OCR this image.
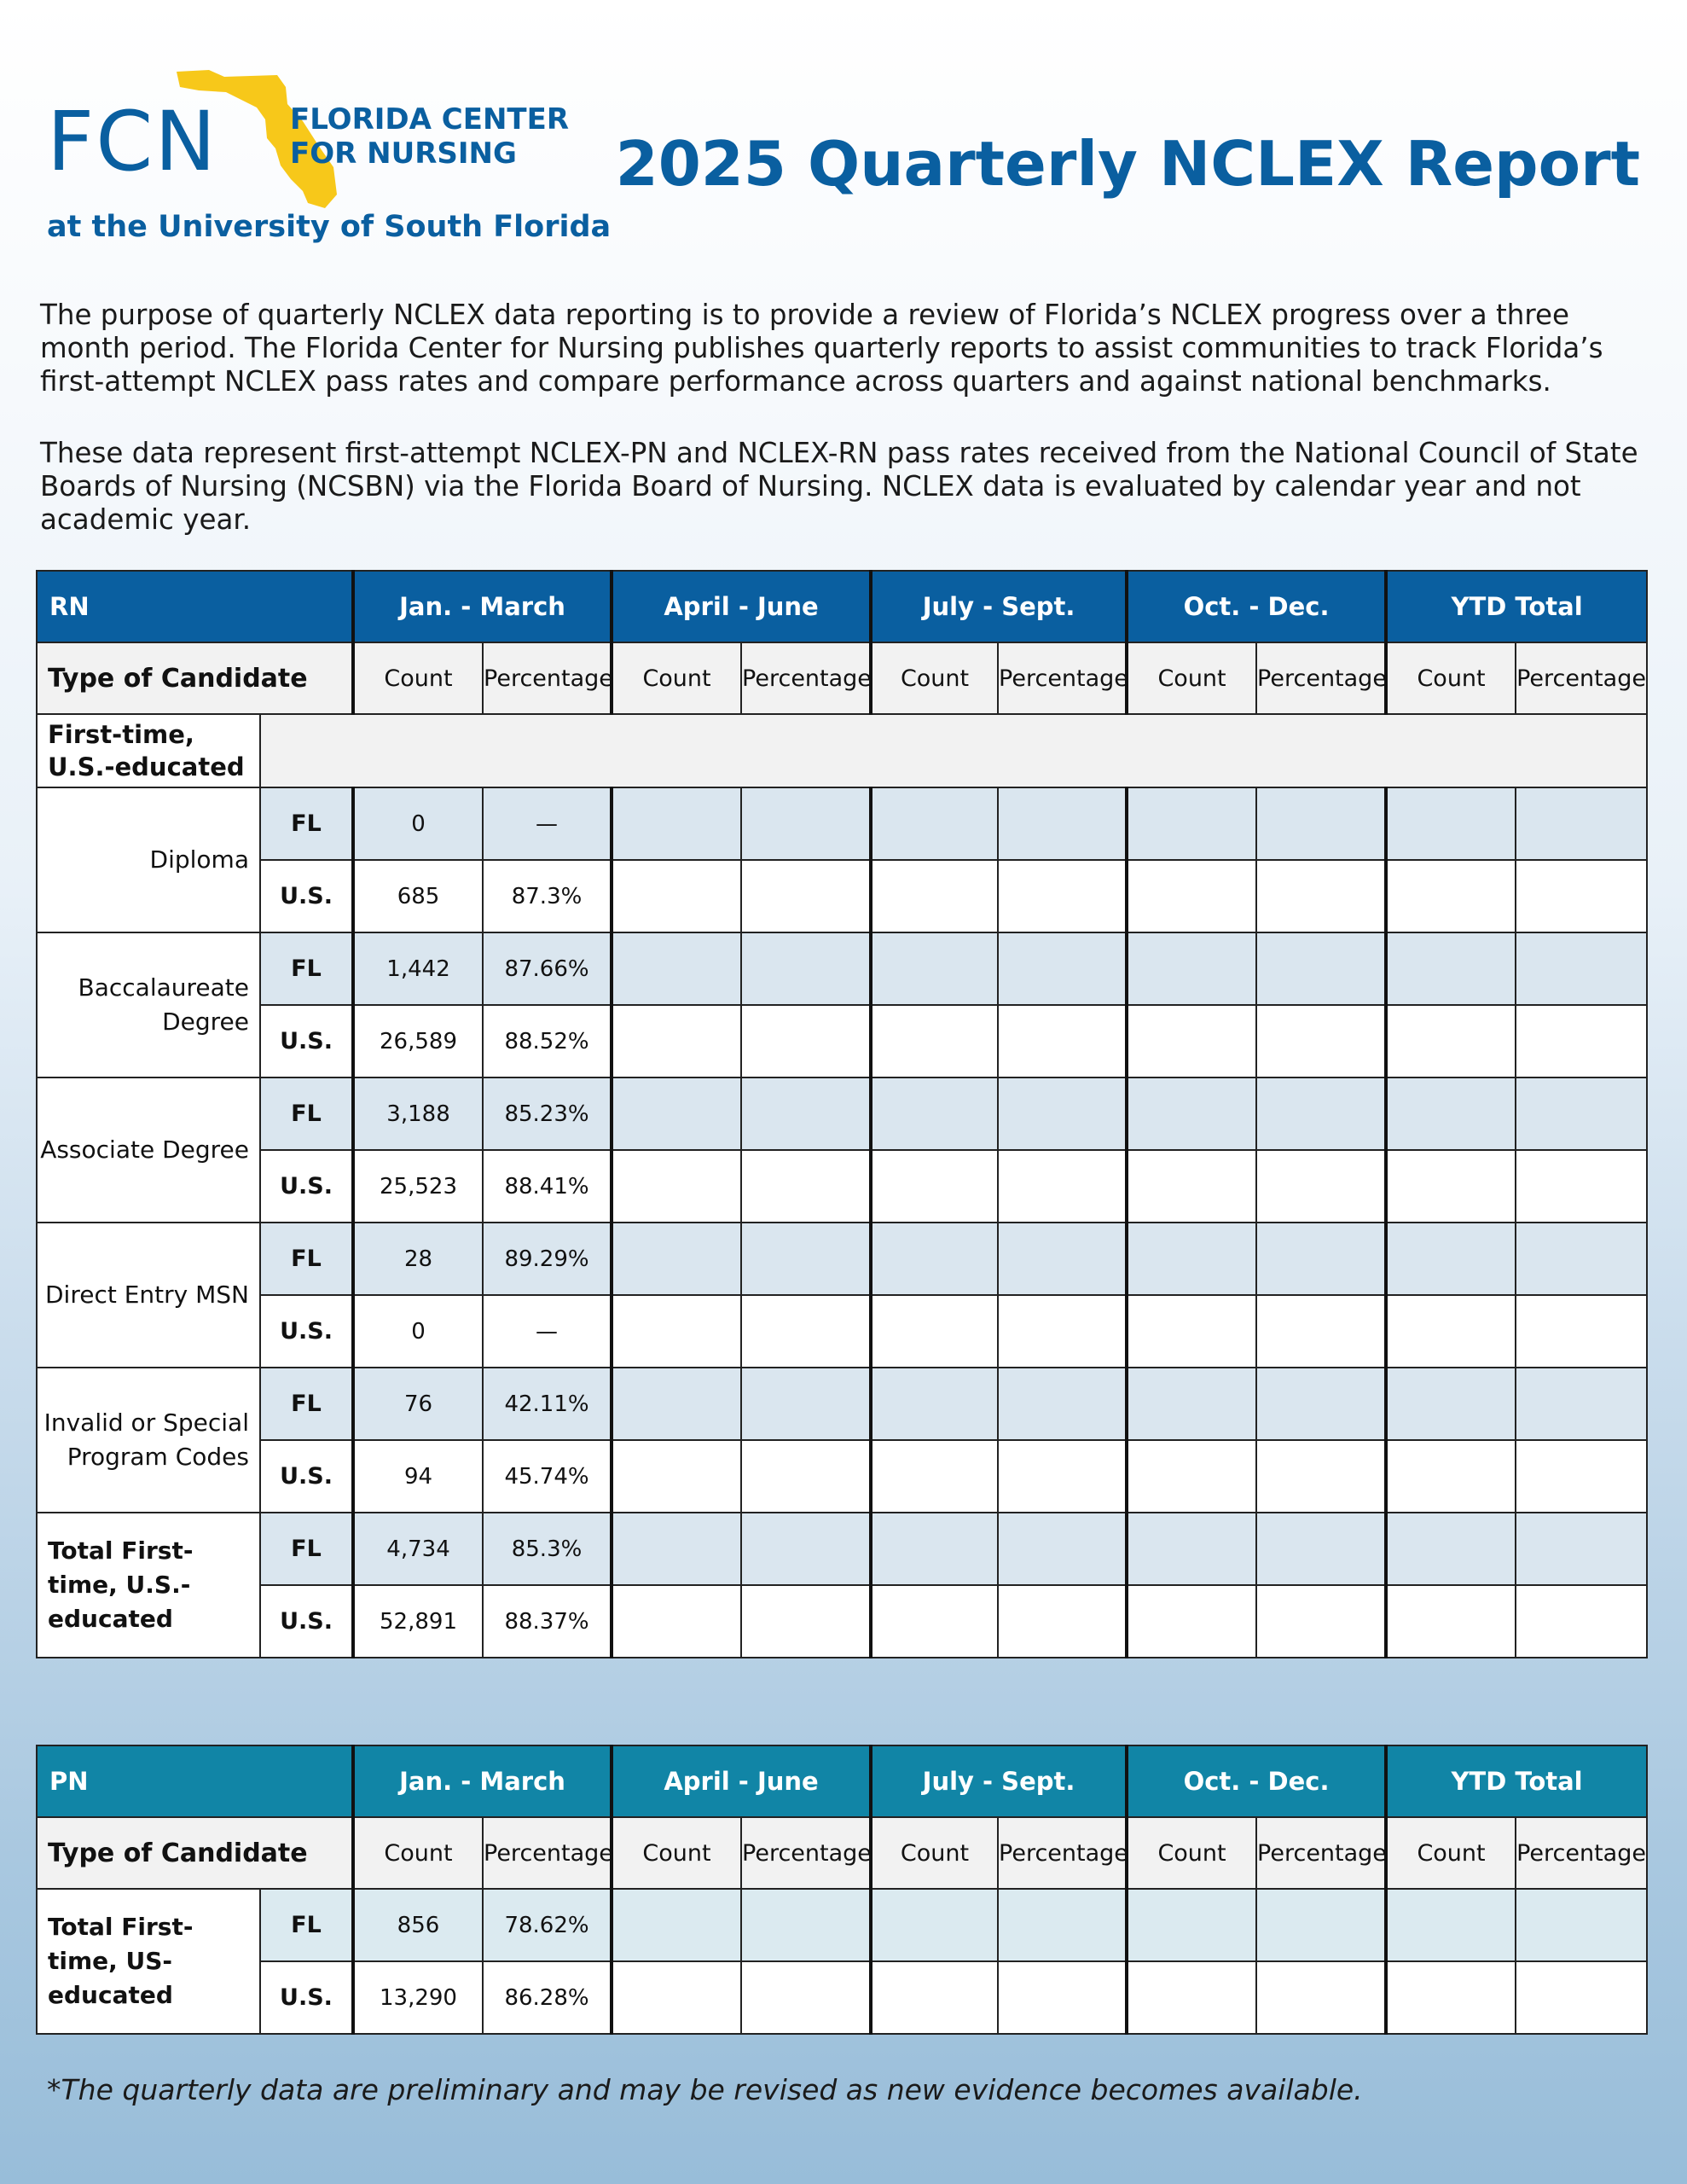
FCN FLORIDA CENTER
FOR NURSING
at the University of South Florida
2025 Quarterly NCLEX Report
The purpose of quarterly NCLEX data reporting is to provide a review of Florida’s NCLEX progress over a three month period. The Florida Center for Nursing publishes quarterly reports to assist communities to track Florida’s first-attempt NCLEX pass rates and compare performance across quarters and against national benchmarks.
These data represent first-attempt NCLEX-PN and NCLEX-RN pass rates received from the National Council of State Boards of Nursing (NCSBN) via the Florida Board of Nursing. NCLEX data is evaluated by calendar year and not academic year.
RN		Jan. - March		April - June		July - Sept.		Oct. - Dec.		YTD Total	
Type of Candidate		Count	Percentage	Count	Percentage	Count	Percentage	Count	Percentage	Count	Percentage
First-time, U.S.-educated											
Diploma	FL	0	—								
	U.S.	685	87.3%								
Baccalaureate Degree	FL	1,442	87.66%								
	U.S.	26,589	88.52%								
Associate Degree	FL	3,188	85.23%								
	U.S.	25,523	88.41%								
Direct Entry MSN	FL	28	89.29%								
	U.S.	0	—								
Invalid or Special Program Codes	FL	76	42.11%								
	U.S.	94	45.74%								
Total First-time, U.S.-educated	FL	4,734	85.3%								
	U.S.	52,891	88.37%								
PN		Jan. - March		April - June		July - Sept.		Oct. - Dec.		YTD Total	
Type of Candidate		Count	Percentage	Count	Percentage	Count	Percentage	Count	Percentage	Count	Percentage
Total First-time, US-educated	FL	856	78.62%								
	U.S.	13,290	86.28%								
*The quarterly data are preliminary and may be revised as new evidence becomes available.
